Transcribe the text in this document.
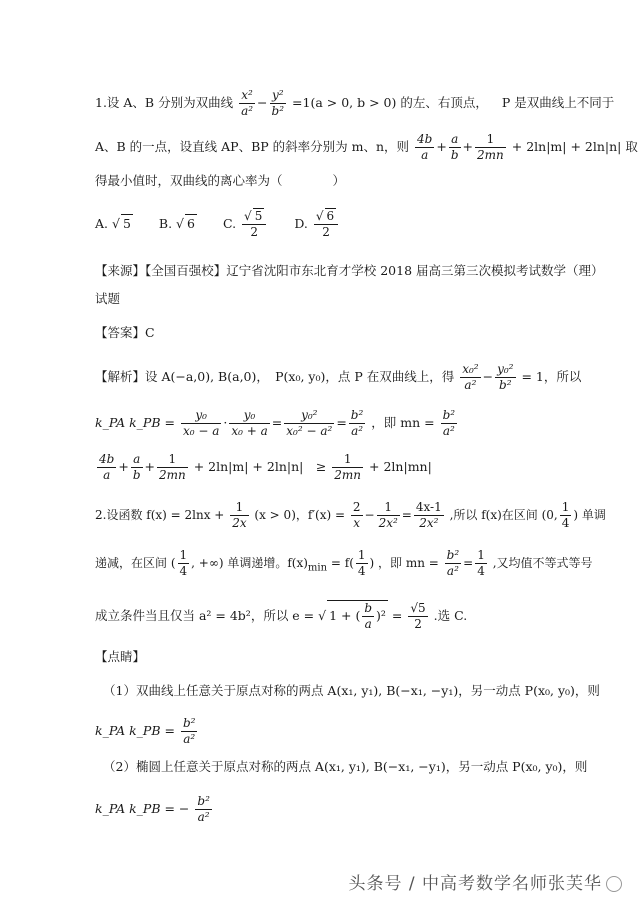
1.设 A、B 分别为双曲线 $\frac{\text{x²}}{\text{a²}} - \frac{\text{y²}}{\text{b²}} =1(a > 0$, b > 0) 的左、右顶点， P 是双曲线上不同于
A、B 的一点，设直线 AP、BP 的斜率分别为 m、n，则 $\frac{4b}{a} + \frac{a}{b} + \frac{1}{2mn} + 2\ln|m| + 2\ln|n|$ 取
得最小值时，双曲线的离心率为（　　　　）
A. √ 5 B. √ 6 C. $\frac{√ 5}{2} D$. $\frac{√ 6}{2}$
【来源】【全国百强校】辽宁省沈阳市东北育才学校 2018 届高三第三次模拟考试数学（理）
试题
【答案】C
【解析】设 A(−a,0), B(a,0)，　P(x₀, y₀)，点 P 在双曲线上，得 $\frac{\text{x₀²}}{\text{a²}} - \frac{\text{y₀²}}{\text{b²}} = 1$，所以
k_PA k_PB = $\frac{\text{y₀}}{\text{x₀ − a}} \cdot \frac{\text{y₀}}{\text{x₀ + a}} = \frac{\text{y₀²}}{\text{x₀² − a²}} = \frac{\text{b²}}{\text{a²}}$ ，即 mn = $\frac{\text{b²}}{\text{a²}}$
$\frac{4b}{a} + \frac{a}{b} + \frac{1}{2mn} + 2\ln|m| + 2\ln|n|$　≥ $\frac{1}{2mn} + 2\ln|mn|$
2.设函数 $f(x) = 2\ln x + \frac{1}{2x} (x > 0)$，$f'(x) = \frac{2}{x} - \frac{1}{\text{2x²}} = \frac{4x-1}{\text{2x²}}$ ,所以 f(x)在区间 (0, $\frac{1}{4}$ ) 单调
递减，在区间 ( $\frac{1}{4}$ , +∞) 单调递增。$f(x)_{min} = f( \frac{1}{4}$ ) ，即 mn = $\frac{\text{b²}}{\text{a²}} = \frac{1}{4}$ ,又均值不等式等号
成立条件当且仅当 a² = 4b²，所以 e = √ 1 + ( $\frac{b}{a} )^2 = \frac{√5}{2}$ .选 C.
【点睛】
（1）双曲线上任意关于原点对称的两点 A(x₁, y₁), B(−x₁, −y₁)，另一动点 P(x₀, y₀)，则
k_PA k_PB = $\frac{\text{b²}}{\text{a²}}$
（2）椭圆上任意关于原点对称的两点 A(x₁, y₁), B(−x₁, −y₁)，另一动点 P(x₀, y₀)，则
k_PA k_PB = − $\frac{\text{b²}}{\text{a²}}$
头条号 / 中高考数学名师张芙华
